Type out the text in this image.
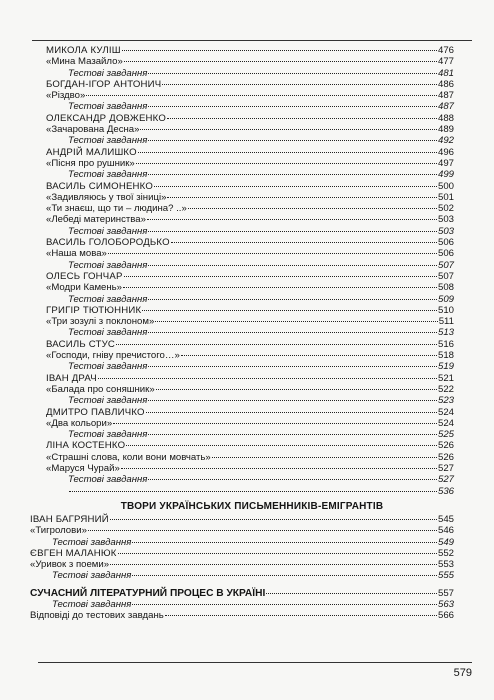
МИКОЛА КУЛІШ	476
«Мина Мазайло»	477
Тестові завдання	481
БОГДАН-ІГОР АНТОНИЧ	486
«Різдво»	487
Тестові завдання	487
ОЛЕКСАНДР ДОВЖЕНКО	488
«Зачарована Десна»	489
Тестові завдання	492
АНДРІЙ МАЛИШКО	496
«Пісня про рушник»	497
Тестові завдання	499
ВАСИЛЬ СИМОНЕНКО	500
«Задивляюсь у твої зіниці»	501
«Ти знаєш, що ти – людина? ..»	502
«Лебеді материнства»	503
Тестові завдання	503
ВАСИЛЬ ГОЛОБОРОДЬКО	506
«Наша мова»	506
Тестові завдання	507
ОЛЕСЬ ГОНЧАР	507
«Модри Камень»	508
Тестові завдання	509
ГРИГІР ТЮТЮННИК	510
«Три зозулі з поклоном»	511
Тестові завдання	513
ВАСИЛЬ СТУС	516
«Господи, гніву пречистого…»	518
Тестові завдання	519
ІВАН ДРАЧ	521
«Балада про соняшник»	522
Тестові завдання	523
ДМИТРО ПАВЛИЧКО	524
«Два кольори»	524
Тестові завдання	525
ЛІНА КОСТЕНКО	526
«Страшні слова, коли вони мовчать»	526
«Маруся Чурай»	527
Тестові завдання	527
536
ТВОРИ УКРАЇНСЬКИХ ПИСЬМЕННИКІВ-ЕМІГРАНТІВ
ІВАН БАГРЯНИЙ	545
«Тигролови»	546
Тестові завдання	549
ЄВГЕН МАЛАНЮК	552
«Уривок з поеми»	553
Тестові завдання	555
СУЧАСНИЙ ЛІТЕРАТУРНИЙ ПРОЦЕС В УКРАЇНІ	557
Тестові завдання	563
Відповіді до тестових завдань	566
579
